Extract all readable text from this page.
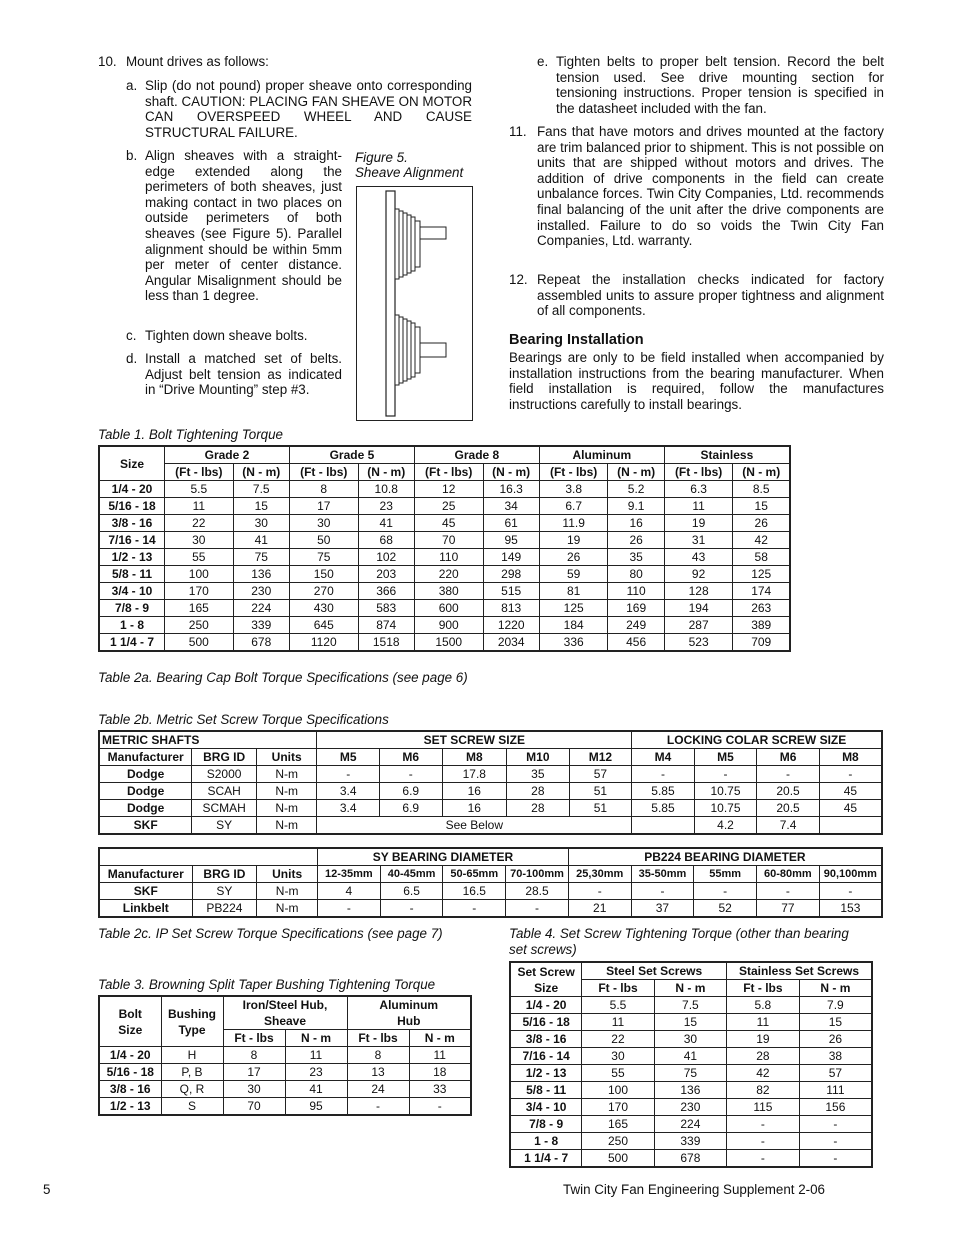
10. Mount drives as follows:
a. Slip (do not pound) proper sheave onto corresponding shaft. CAUTION: PLACING FAN SHEAVE ON MOTOR CAN OVERSPEED WHEEL AND CAUSE STRUCTURAL FAILURE.
b. Align sheaves with a straight-edge extended along the perimeters of both sheaves, just making contact in two places on outside perimeters of both sheaves (see Figure 5). Parallel alignment should be within 5mm per meter of center distance. Angular Misalignment should be less than 1 degree.
c. Tighten down sheave bolts.
d. Install a matched set of belts. Adjust belt tension as indicated in “Drive Mounting” step #3.
Figure 5.
Sheave Alignment
e. Tighten belts to proper belt tension. Record the belt tension used. See drive mounting section for tensioning instructions. Proper tension is specified in the datasheet included with the fan.
11. Fans that have motors and drives mounted at the factory are trim balanced prior to shipment. This is not possible on units that are shipped without motors and drives. The addition of drive components in the field can create unbalance forces. Twin City Companies, Ltd. recommends final balancing of the unit after the drive components are installed. Failure to do so voids the Twin City Fan Companies, Ltd. warranty.
12. Repeat the installation checks indicated for factory assembled units to assure proper tightness and alignment of all components.
Bearing Installation
Bearings are only to be field installed when accompanied by installation instructions from the bearing manufacturer. When field installation is required, follow the manufactures instructions carefully to install bearings.
Table 1. Bolt Tightening Torque
Size	Grade 2		Grade 5		Grade 8		Aluminum		Stainless	
	(Ft - lbs)	(N - m)	(Ft - lbs)	(N - m)	(Ft - lbs)	(N - m)	(Ft - lbs)	(N - m)	(Ft - lbs)	(N - m)
1/4 - 20	5.5	7.5	8	10.8	12	16.3	3.8	5.2	6.3	8.5
5/16 - 18	11	15	17	23	25	34	6.7	9.1	11	15
3/8 - 16	22	30	30	41	45	61	11.9	16	19	26
7/16 - 14	30	41	50	68	70	95	19	26	31	42
1/2 - 13	55	75	75	102	110	149	26	35	43	58
5/8 - 11	100	136	150	203	220	298	59	80	92	125
3/4 - 10	170	230	270	366	380	515	81	110	128	174
7/8 - 9	165	224	430	583	600	813	125	169	194	263
1 - 8	250	339	645	874	900	1220	184	249	287	389
1 1/4 - 7	500	678	1120	1518	1500	2034	336	456	523	709
Table 2a. Bearing Cap Bolt Torque Specifications (see page 6)
Table 2b. Metric Set Screw Torque Specifications
METRIC SHAFTS			SET SCREW SIZE					LOCKING COLAR SCREW SIZE			
Manufacturer	BRG ID	Units	M5	M6	M8	M10	M12	M4	M5	M6	M8
Dodge	S2000	N-m	-	-	17.8	35	57	-	-	-	-
Dodge	SCAH	N-m	3.4	6.9	16	28	51	5.85	10.75	20.5	45
Dodge	SCMAH	N-m	3.4	6.9	16	28	51	5.85	10.75	20.5	45
SKF	SY	N-m	See Below						4.2	7.4	
			SY BEARING DIAMETER				PB224 BEARING DIAMETER				
Manufacturer	BRG ID	Units	12-35mm	40-45mm	50-65mm	70-100mm	25,30mm	35-50mm	55mm	60-80mm	90,100mm
SKF	SY	N-m	4	6.5	16.5	28.5	-	-	-	-	-
Linkbelt	PB224	N-m	-	-	-	-	21	37	52	77	153
Table 2c. IP Set Screw Torque Specifications (see page 7)
Table 3. Browning Split Taper Bushing Tightening Torque
Bolt
Size	Bushing
Type	Iron/Steel Hub,
Sheave		Aluminum
Hub	
		Ft - lbs	N - m	Ft - lbs	N - m
1/4 - 20	H	8	11	8	11
5/16 - 18	P, B	17	23	13	18
3/8 - 16	Q, R	30	41	24	33
1/2 - 13	S	70	95	-	-
Table 4. Set Screw Tightening Torque (other than bearing
set screws)
Set Screw
Size	Steel Set Screws		Stainless Set Screws	
	Ft - lbs	N - m	Ft - lbs	N - m
1/4 - 20	5.5	7.5	5.8	7.9
5/16 - 18	11	15	11	15
3/8 - 16	22	30	19	26
7/16 - 14	30	41	28	38
1/2 - 13	55	75	42	57
5/8 - 11	100	136	82	111
3/4 - 10	170	230	115	156
7/8 - 9	165	224	-	-
1 - 8	250	339	-	-
1 1/4 - 7	500	678	-	-
5	Twin City Fan Engineering Supplement 2-06
